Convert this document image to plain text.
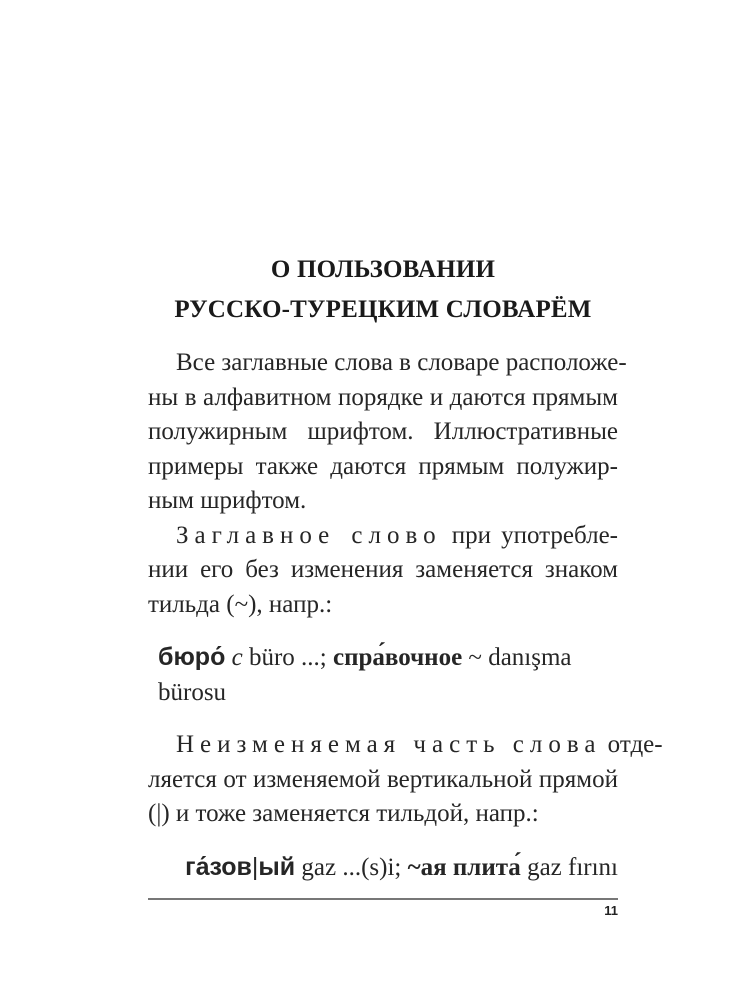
О ПОЛЬЗОВАНИИ
РУССКО-ТУРЕЦКИМ СЛОВАРЁМ
Все заглавные слова в словаре расположе-
ны в алфавитном порядке и даются прямым
полужирным шрифтом. Иллюстративные
примеры также даются прямым полужир-
ным шрифтом.
Заглавное слово при употребле-
нии его без изменения заменяется знаком
тильда (~), напр.:
бюро́ с büro ...; спра́вочное ~ danışma
bürosu
Неизменяемая часть слова отде-
ляется от изменяемой вертикальной прямой
(|) и тоже заменяется тильдой, напр.:
га́зов|ый gaz ...(s)i; ~ая плита́ gaz fırını
11
